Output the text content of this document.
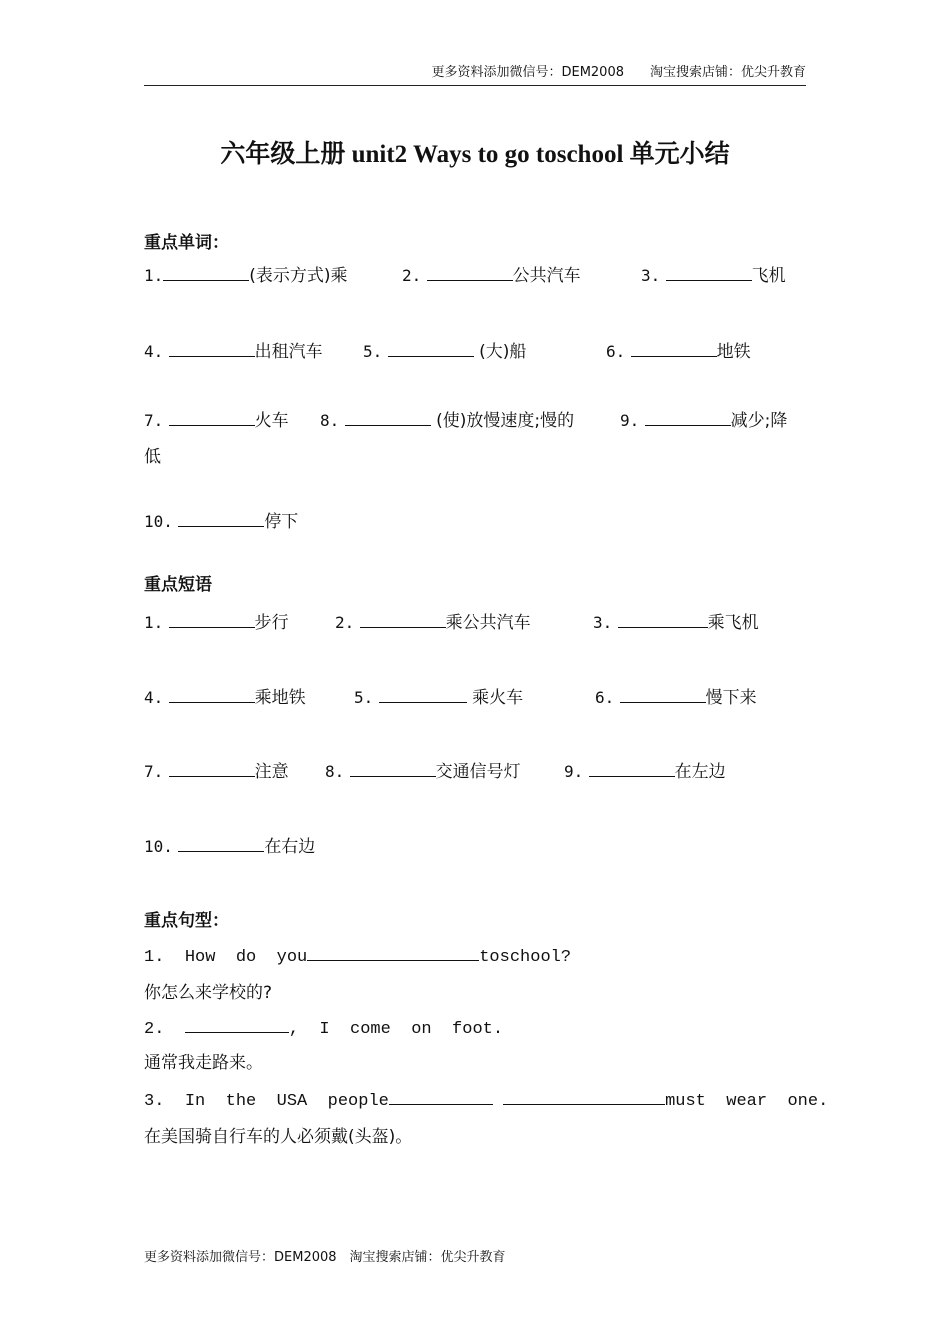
更多资料添加微信号：DEM2008　　淘宝搜索店铺：优尖升教育
六年级上册 unit2 Ways to go toschool 单元小结
重点单词：
1.	(表示方式)乘	2.	公共汽车	3.	飞机
4.	出租汽车	5.	(大)船	6.	地铁
7.	火车 8.	(使)放慢速度;慢的	9.	减少;降
低
10.	停下
重点短语
1.	步行	2.	乘公共汽车	3.	乘飞机
4.	乘地铁	5.	乘火车	6.	慢下来
7.	注意 8.	交通信号灯	9.	在左边
10.	在右边
重点句型：
1. How  do  you	toschool?
你怎么来学校的?
2.	,  I  come  on  foot.
通常我走路来。
3. In  the  USA  people	must  wear  one.
在美国骑自行车的人必须戴(头盔)。
更多资料添加微信号：DEM2008　淘宝搜索店铺：优尖升教育
